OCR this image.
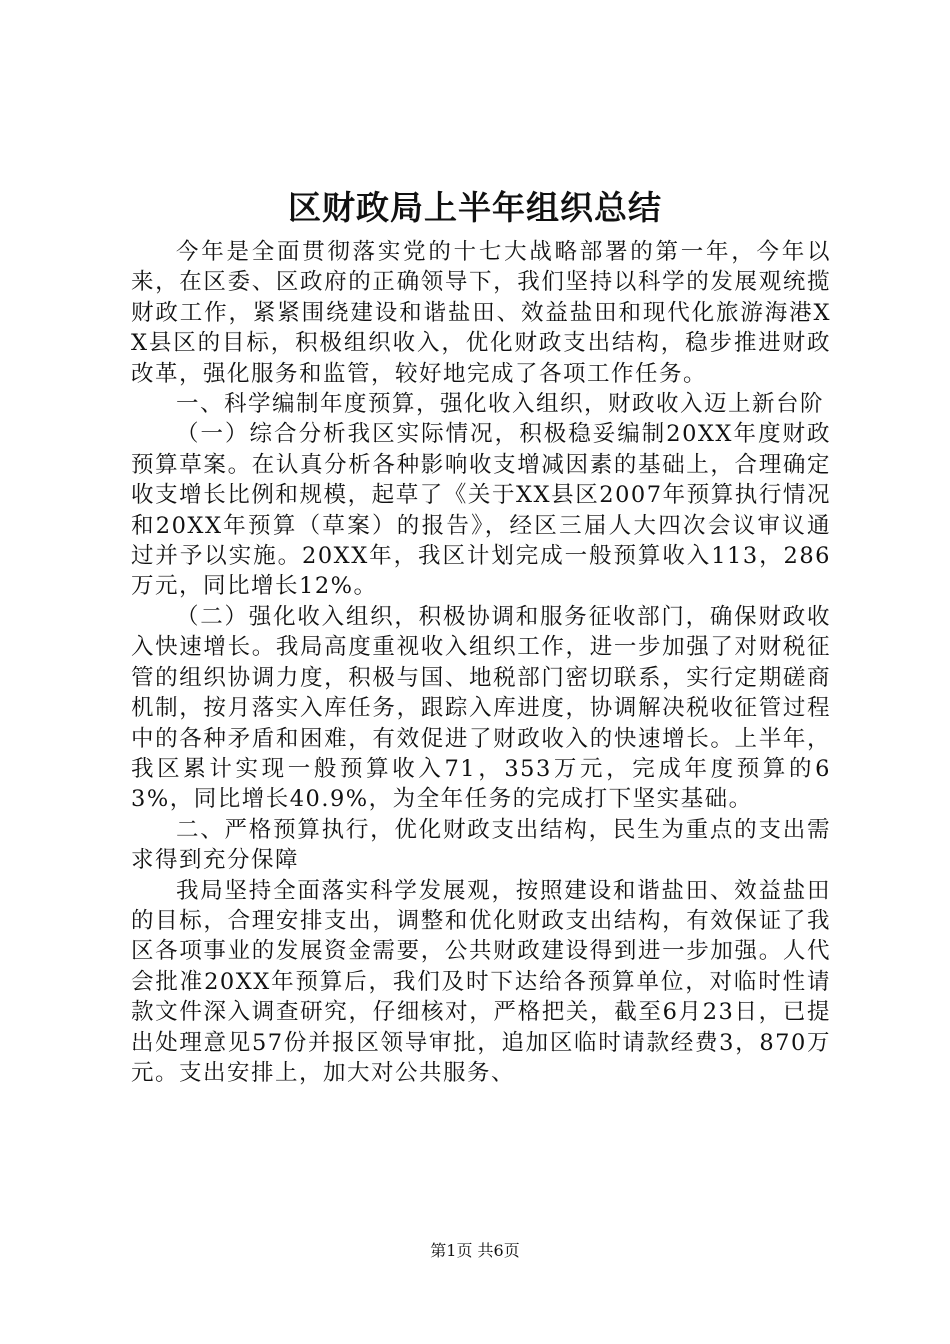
区财政局上半年组织总结

今年是全面贯彻落实党的十七大战略部署的第一年，今年以来，在区委、区政府的正确领导下，我们坚持以科学的发展观统揽财政工作，紧紧围绕建设和谐盐田、效益盐田和现代化旅游海港XX县区的目标，积极组织收入，优化财政支出结构，稳步推进财政改革，强化服务和监管，较好地完成了各项工作任务。

一、科学编制年度预算，强化收入组织，财政收入迈上新台阶

（一）综合分析我区实际情况，积极稳妥编制20XX年度财政预算草案。在认真分析各种影响收支增减因素的基础上，合理确定收支增长比例和规模，起草了《关于XX县区2007年预算执行情况和20XX年预算（草案）的报告》，经区三届人大四次会议审议通过并予以实施。20XX年，我区计划完成一般预算收入113，286万元，同比增长12%。

（二）强化收入组织，积极协调和服务征收部门，确保财政收入快速增长。我局高度重视收入组织工作，进一步加强了对财税征管的组织协调力度，积极与国、地税部门密切联系，实行定期磋商机制，按月落实入库任务，跟踪入库进度，协调解决税收征管过程中的各种矛盾和困难，有效促进了财政收入的快速增长。上半年，我区累计实现一般预算收入71，353万元，完成年度预算的63%，同比增长40.9%，为全年任务的完成打下坚实基础。

二、严格预算执行，优化财政支出结构，民生为重点的支出需求得到充分保障

我局坚持全面落实科学发展观，按照建设和谐盐田、效益盐田的目标，合理安排支出，调整和优化财政支出结构，有效保证了我区各项事业的发展资金需要，公共财政建设得到进一步加强。人代会批准20XX年预算后，我们及时下达给各预算单位，对临时性请款文件深入调查研究，仔细核对，严格把关，截至6月23日，已提出处理意见57份并报区领导审批，追加区临时请款经费3，870万元。支出安排上，加大对公共服务、

第1页 共6页
